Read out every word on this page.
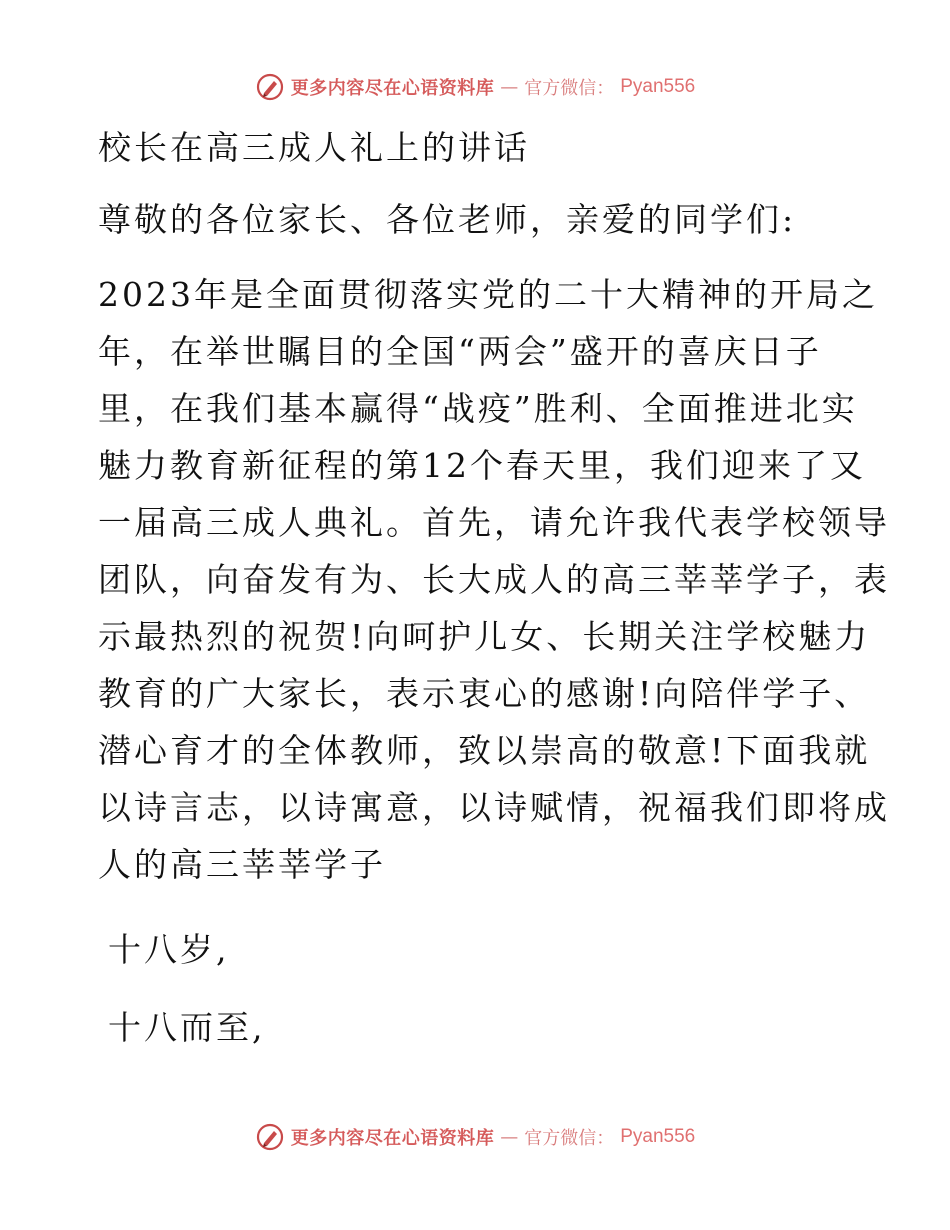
更多内容尽在心语资料库 — 官方微信： Pyan556
校长在高三成人礼上的讲话
尊敬的各位家长、各位老师，亲爱的同学们:
2023年是全面贯彻落实党的二十大精神的开局之
年，在举世瞩目的全国“两会”盛开的喜庆日子
里，在我们基本赢得“战疫”胜利、全面推进北实
魅力教育新征程的第12个春天里，我们迎来了又
一届高三成人典礼。首先，请允许我代表学校领导
团队，向奋发有为、长大成人的高三莘莘学子，表
示最热烈的祝贺!向呵护儿女、长期关注学校魅力
教育的广大家长，表示衷心的感谢!向陪伴学子、
潜心育才的全体教师，致以崇高的敬意!下面我就
以诗言志，以诗寓意，以诗赋情，祝福我们即将成
人的高三莘莘学子
十八岁,
十八而至,
更多内容尽在心语资料库 — 官方微信： Pyan556
